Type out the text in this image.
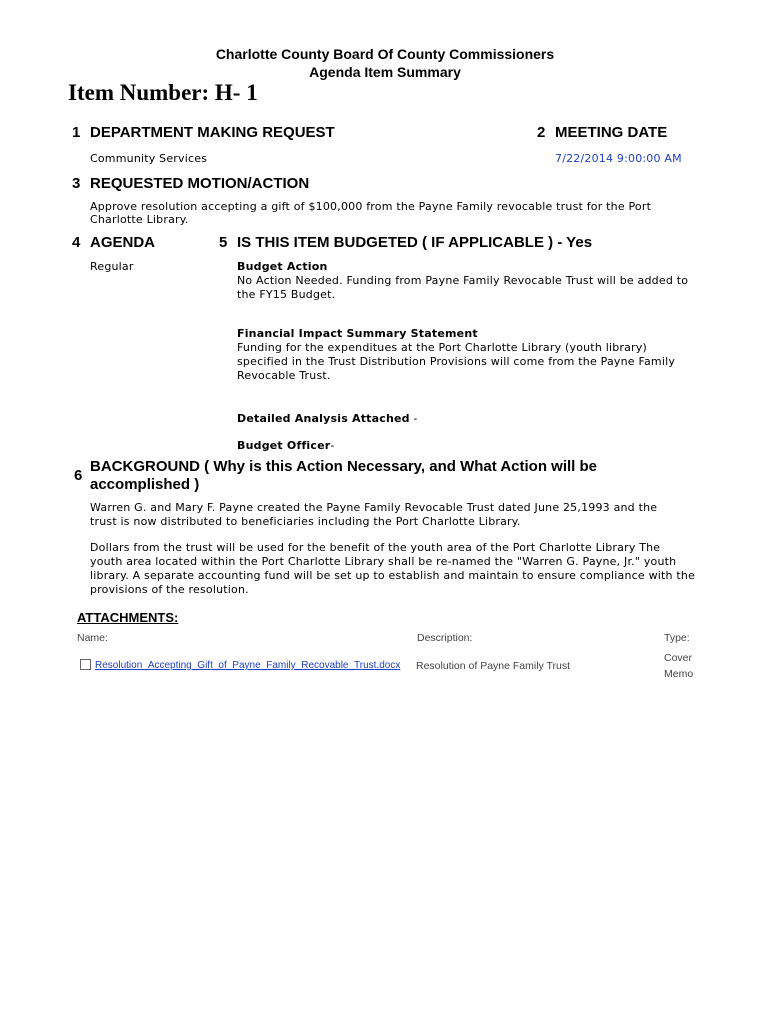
Charlotte County Board Of County Commissioners
Agenda Item Summary
Item Number: H- 1
1 DEPARTMENT MAKING REQUEST
Community Services
2 MEETING DATE
7/22/2014 9:00:00 AM
3 REQUESTED MOTION/ACTION
Approve resolution accepting a gift of $100,000 from the Payne Family revocable trust for the Port
Charlotte Library.
4 AGENDA
Regular
5 IS THIS ITEM BUDGETED ( IF APPLICABLE ) - Yes
Budget Action
No Action Needed. Funding from Payne Family Revocable Trust will be added to
the FY15 Budget.
Financial Impact Summary Statement
Funding for the expenditues at the Port Charlotte Library (youth library)
specified in the Trust Distribution Provisions will come from the Payne Family
Revocable Trust.
Detailed Analysis Attached -
Budget Officer-
6
BACKGROUND ( Why is this Action Necessary, and What Action will be
accomplished )
Warren G. and Mary F. Payne created the Payne Family Revocable Trust dated June 25,1993 and the
trust is now distributed to beneficiaries including the Port Charlotte Library.
Dollars from the trust will be used for the benefit of the youth area of the Port Charlotte Library The
youth area located within the Port Charlotte Library shall be re-named the "Warren G. Payne, Jr." youth
library. A separate accounting fund will be set up to establish and maintain to ensure compliance with the
provisions of the resolution.
ATTACHMENTS:
Name:	Description:	Type:
Resolution_Accepting_Gift_of_Payne_Family_Recovable_Trust.docx Resolution of Payne Family Trust
Cover
Memo
